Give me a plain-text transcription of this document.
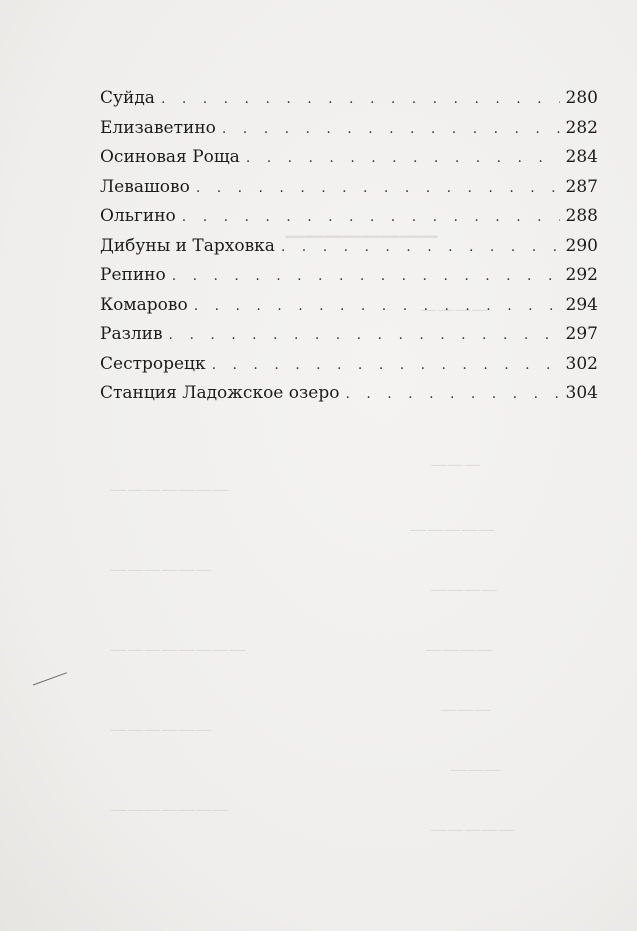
────────
————
———
—————
————
————
———
———
—————
———————
——————
————————
——————
———————
Суйда . . .	280
Елизаветино . . .	282
Осиновая Роща . . .	284
Левашово . . .	287
Ольгино . . .	288
Дибуны и Тарховка . . .	290
Репино . . .	292
Комарово . . .	294
Разлив . . .	297
Сестрорецк . . .	302
Станция Ладожское озеро . . .	304
